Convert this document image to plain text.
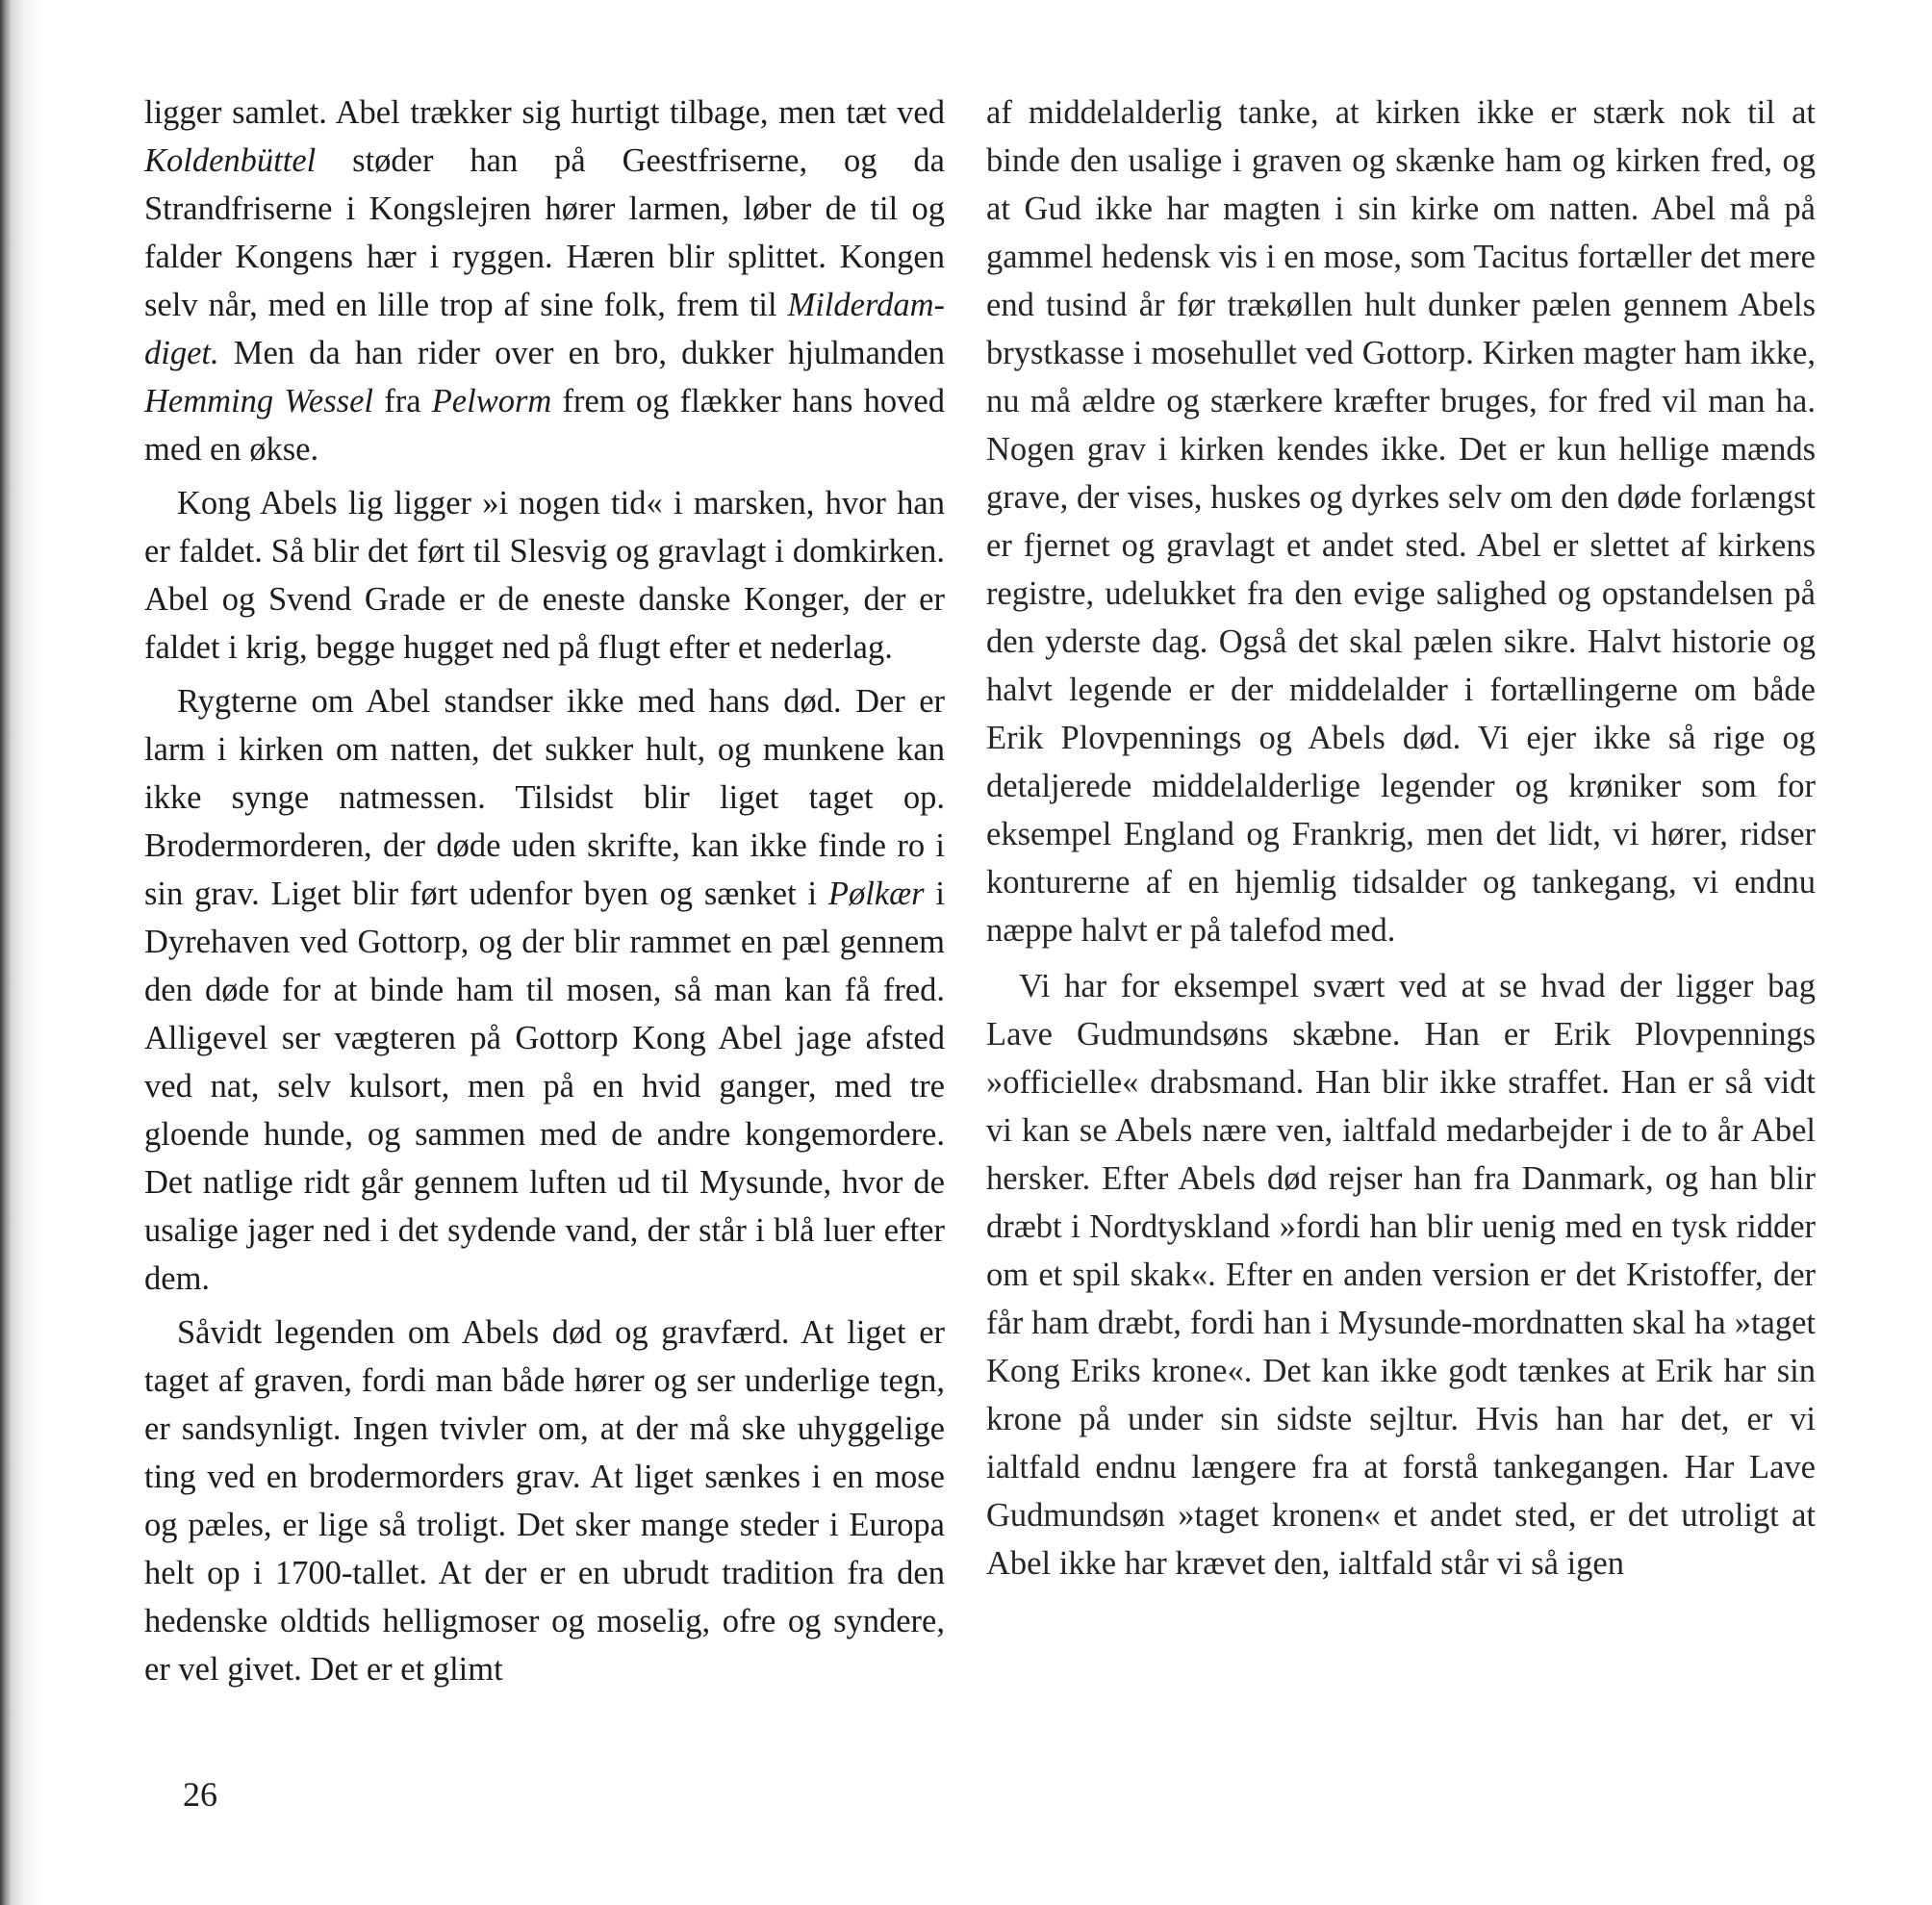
ligger samlet. Abel trækker sig hurtigt tilbage, men tæt ved Koldenbüttel støder han på Geestfriserne, og da Strandfriserne i Kongslejren hører larmen, løber de til og falder Kongens hær i ryggen. Hæren blir splittet. Kongen selv når, med en lille trop af sine folk, frem til Milderdam-diget. Men da han rider over en bro, dukker hjulmanden Hemming Wessel fra Pelworm frem og flækker hans hoved med en økse.

Kong Abels lig ligger »i nogen tid« i marsken, hvor han er faldet. Så blir det ført til Slesvig og gravlagt i domkirken. Abel og Svend Grade er de eneste danske Konger, der er faldet i krig, begge hugget ned på flugt efter et nederlag.

Rygterne om Abel standser ikke med hans død. Der er larm i kirken om natten, det sukker hult, og munkene kan ikke synge natmessen. Tilsidst blir liget taget op. Brodermorderen, der døde uden skrifte, kan ikke finde ro i sin grav. Liget blir ført udenfor byen og sænket i Pølkær i Dyrehaven ved Gottorp, og der blir rammet en pæl gennem den døde for at binde ham til mosen, så man kan få fred. Alligevel ser vægteren på Gottorp Kong Abel jage afsted ved nat, selv kulsort, men på en hvid ganger, med tre gloende hunde, og sammen med de andre kongemordere. Det natlige ridt går gennem luften ud til Mysunde, hvor de usalige jager ned i det sydende vand, der står i blå luer efter dem.

Såvidt legenden om Abels død og gravfærd. At liget er taget af graven, fordi man både hører og ser underlige tegn, er sandsynligt. Ingen tvivler om, at der må ske uhyggelige ting ved en brodermorders grav. At liget sænkes i en mose og pæles, er lige så troligt. Det sker mange steder i Europa helt op i 1700-tallet. At der er en ubrudt tradition fra den hedenske oldtids helligmoser og moselig, ofre og syndere, er vel givet. Det er et glimt

af middelalderlig tanke, at kirken ikke er stærk nok til at binde den usalige i graven og skænke ham og kirken fred, og at Gud ikke har magten i sin kirke om natten. Abel må på gammel hedensk vis i en mose, som Tacitus fortæller det mere end tusind år før trækøllen hult dunker pælen gennem Abels brystkasse i mosehullet ved Gottorp. Kirken magter ham ikke, nu må ældre og stærkere kræfter bruges, for fred vil man ha. Nogen grav i kirken kendes ikke. Det er kun hellige mænds grave, der vises, huskes og dyrkes selv om den døde forlængst er fjernet og gravlagt et andet sted. Abel er slettet af kirkens registre, udelukket fra den evige salighed og opstandelsen på den yderste dag. Også det skal pælen sikre. Halvt historie og halvt legende er der middelalder i fortællingerne om både Erik Plovpennings og Abels død. Vi ejer ikke så rige og detaljerede middelalderlige legender og krøniker som for eksempel England og Frankrig, men det lidt, vi hører, ridser konturerne af en hjemlig tidsalder og tankegang, vi endnu næppe halvt er på talefod med.

Vi har for eksempel svært ved at se hvad der ligger bag Lave Gudmundsøns skæbne. Han er Erik Plovpennings »officielle« drabsmand. Han blir ikke straffet. Han er så vidt vi kan se Abels nære ven, ialtfald medarbejder i de to år Abel hersker. Efter Abels død rejser han fra Danmark, og han blir dræbt i Nordtyskland »fordi han blir uenig med en tysk ridder om et spil skak«. Efter en anden version er det Kristoffer, der får ham dræbt, fordi han i Mysunde-mordnatten skal ha »taget Kong Eriks krone«. Det kan ikke godt tænkes at Erik har sin krone på under sin sidste sejltur. Hvis han har det, er vi ialtfald endnu længere fra at forstå tankegangen. Har Lave Gudmundsøn »taget kronen« et andet sted, er det utroligt at Abel ikke har krævet den, ialtfald står vi så igen

26
